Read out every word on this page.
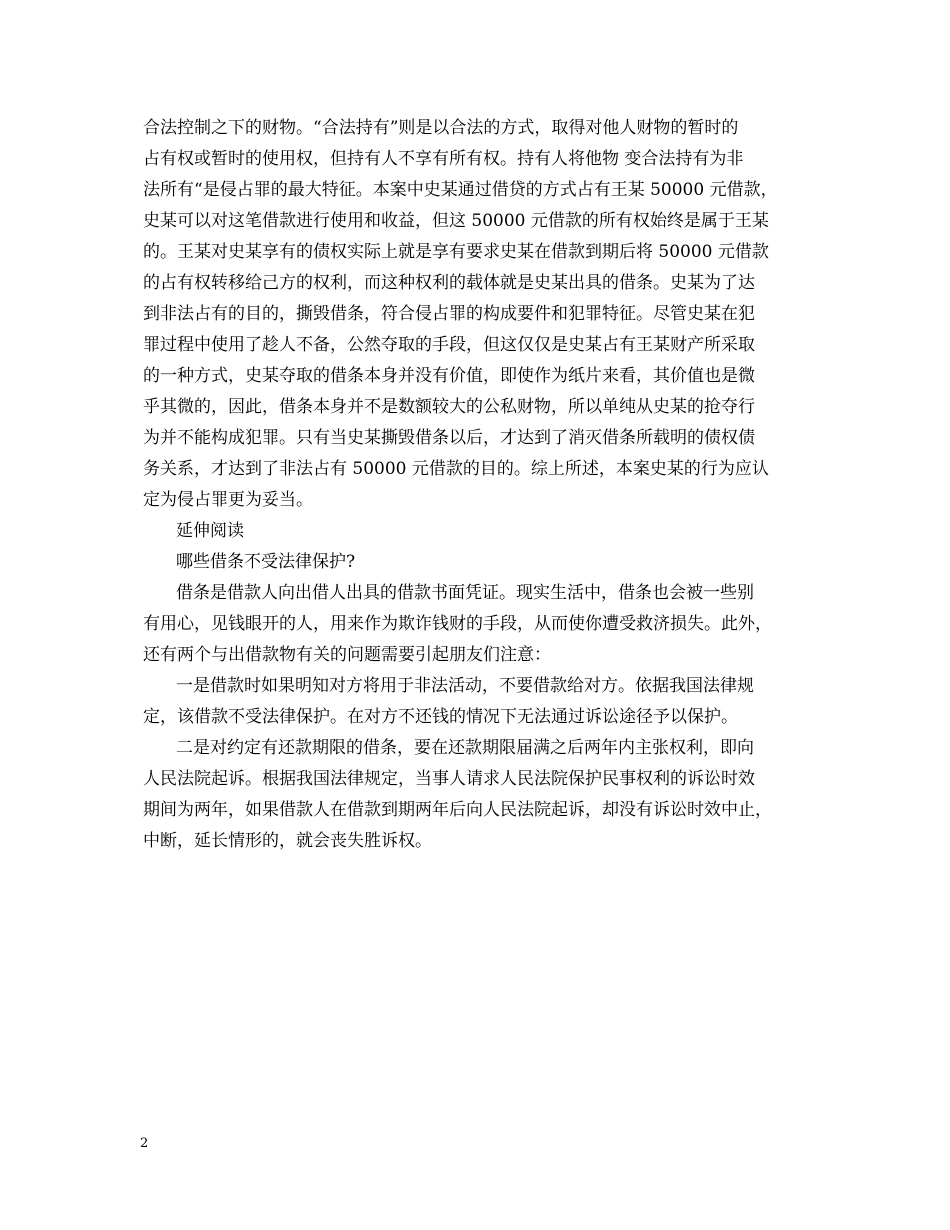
合法控制之下的财物。“合法持有”则是以合法的方式，取得对他人财物的暂时的
占有权或暂时的使用权，但持有人不享有所有权。持有人将他物 变合法持有为非
法所有“是侵占罪的最大特征。本案中史某通过借贷的方式占有王某 50000 元借款，
史某可以对这笔借款进行使用和收益，但这 50000 元借款的所有权始终是属于王某
的。王某对史某享有的债权实际上就是享有要求史某在借款到期后将 50000 元借款
的占有权转移给己方的权利，而这种权利的载体就是史某出具的借条。史某为了达
到非法占有的目的，撕毁借条，符合侵占罪的构成要件和犯罪特征。尽管史某在犯
罪过程中使用了趁人不备，公然夺取的手段，但这仅仅是史某占有王某财产所采取
的一种方式，史某夺取的借条本身并没有价值，即使作为纸片来看，其价值也是微
乎其微的，因此，借条本身并不是数额较大的公私财物，所以单纯从史某的抢夺行
为并不能构成犯罪。只有当史某撕毁借条以后，才达到了消灭借条所载明的债权债
务关系，才达到了非法占有 50000 元借款的目的。综上所述，本案史某的行为应认
定为侵占罪更为妥当。
延伸阅读
哪些借条不受法律保护?
借条是借款人向出借人出具的借款书面凭证。现实生活中，借条也会被一些别
有用心，见钱眼开的人，用来作为欺诈钱财的手段，从而使你遭受救济损失。此外，
还有两个与出借款物有关的问题需要引起朋友们注意：
一是借款时如果明知对方将用于非法活动，不要借款给对方。依据我国法律规
定，该借款不受法律保护。在对方不还钱的情况下无法通过诉讼途径予以保护。
二是对约定有还款期限的借条，要在还款期限届满之后两年内主张权利，即向
人民法院起诉。根据我国法律规定，当事人请求人民法院保护民事权利的诉讼时效
期间为两年，如果借款人在借款到期两年后向人民法院起诉，却没有诉讼时效中止，
中断，延长情形的，就会丧失胜诉权。
2
